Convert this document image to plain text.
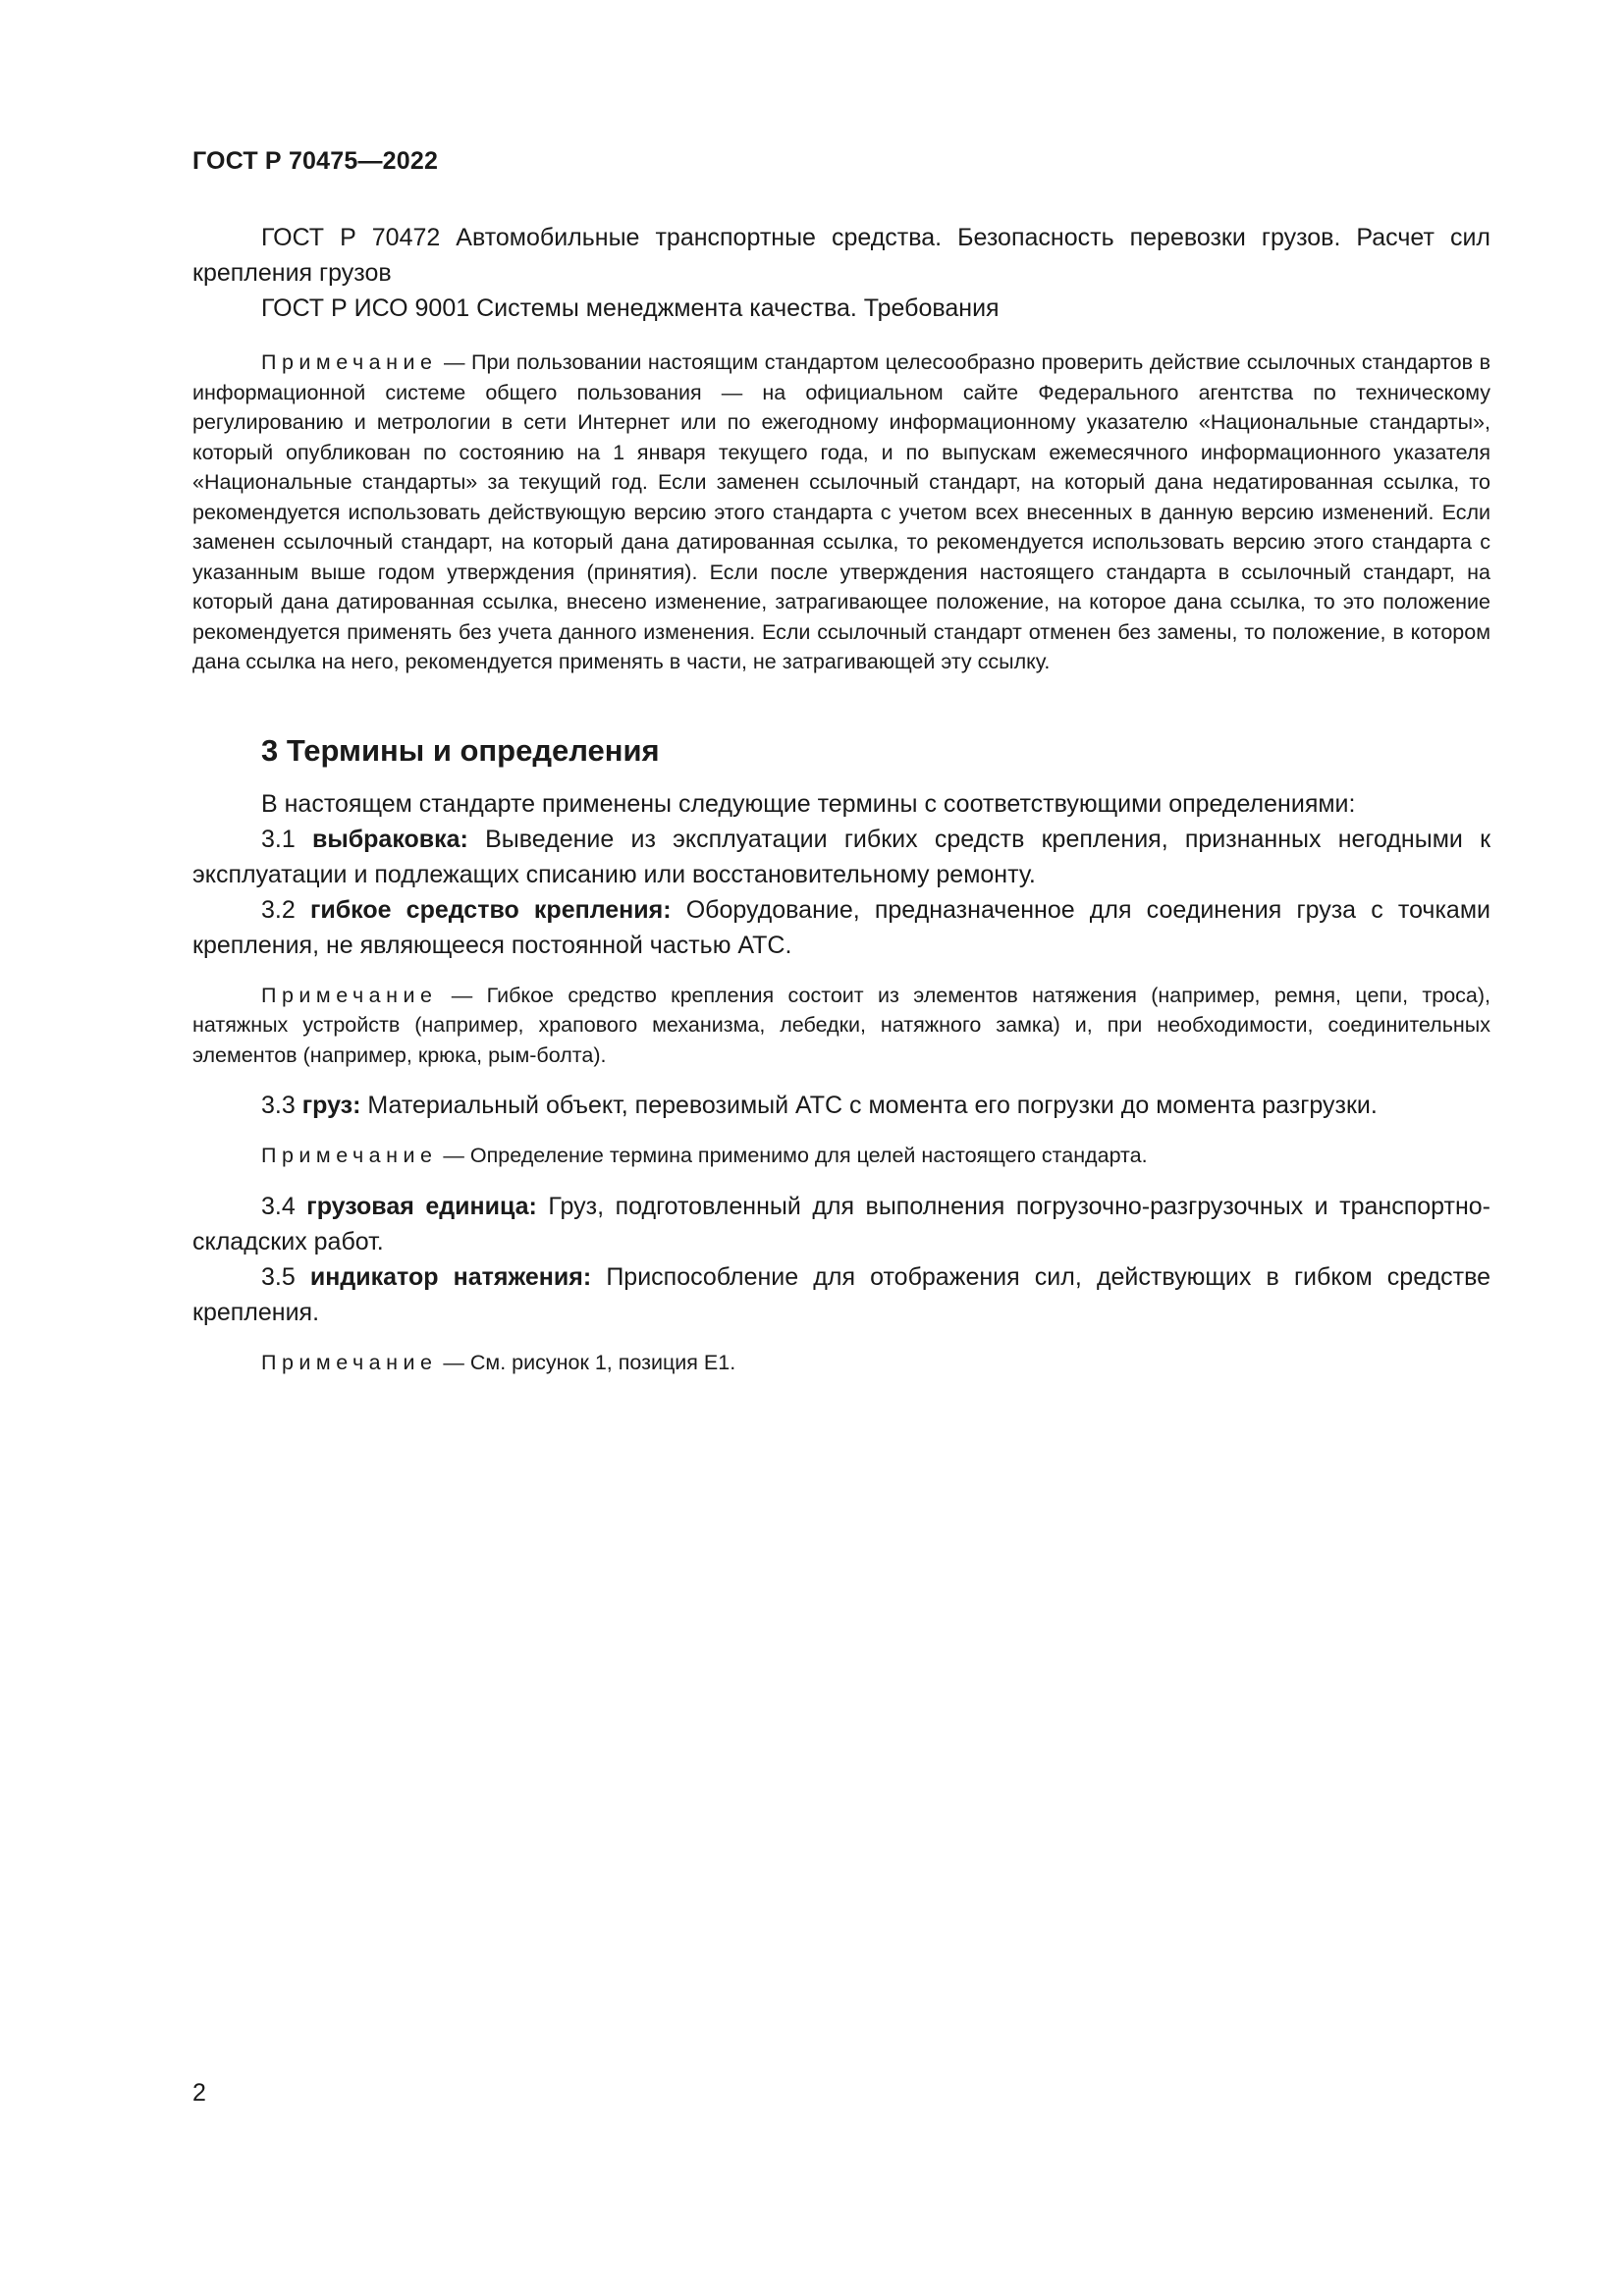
ГОСТ Р 70475—2022

ГОСТ Р 70472 Автомобильные транспортные средства. Безопасность перевозки грузов. Расчет сил крепления грузов

ГОСТ Р ИСО 9001 Системы менеджмента качества. Требования

Примечание — При пользовании настоящим стандартом целесообразно проверить действие ссылочных стандартов в информационной системе общего пользования — на официальном сайте Федерального агентства по техническому регулированию и метрологии в сети Интернет или по ежегодному информационному указателю «Национальные стандарты», который опубликован по состоянию на 1 января текущего года, и по выпускам ежемесячного информационного указателя «Национальные стандарты» за текущий год. Если заменен ссылочный стандарт, на который дана недатированная ссылка, то рекомендуется использовать действующую версию этого стандарта с учетом всех внесенных в данную версию изменений. Если заменен ссылочный стандарт, на который дана датированная ссылка, то рекомендуется использовать версию этого стандарта с указанным выше годом утверждения (принятия). Если после утверждения настоящего стандарта в ссылочный стандарт, на который дана датированная ссылка, внесено изменение, затрагивающее положение, на которое дана ссылка, то это положение рекомендуется применять без учета данного изменения. Если ссылочный стандарт отменен без замены, то положение, в котором дана ссылка на него, рекомендуется применять в части, не затрагивающей эту ссылку.

3 Термины и определения

В настоящем стандарте применены следующие термины с соответствующими определениями:

3.1 выбраковка: Выведение из эксплуатации гибких средств крепления, признанных негодными к эксплуатации и подлежащих списанию или восстановительному ремонту.

3.2 гибкое средство крепления: Оборудование, предназначенное для соединения груза с точками крепления, не являющееся постоянной частью АТС.

Примечание — Гибкое средство крепления состоит из элементов натяжения (например, ремня, цепи, троса), натяжных устройств (например, храпового механизма, лебедки, натяжного замка) и, при необходимости, соединительных элементов (например, крюка, рым-болта).

3.3 груз: Материальный объект, перевозимый АТС с момента его погрузки до момента разгрузки.

Примечание — Определение термина применимо для целей настоящего стандарта.

3.4 грузовая единица: Груз, подготовленный для выполнения погрузочно-разгрузочных и транспортно-складских работ.

3.5 индикатор натяжения: Приспособление для отображения сил, действующих в гибком средстве крепления.

Примечание — См. рисунок 1, позиция E1.

2
